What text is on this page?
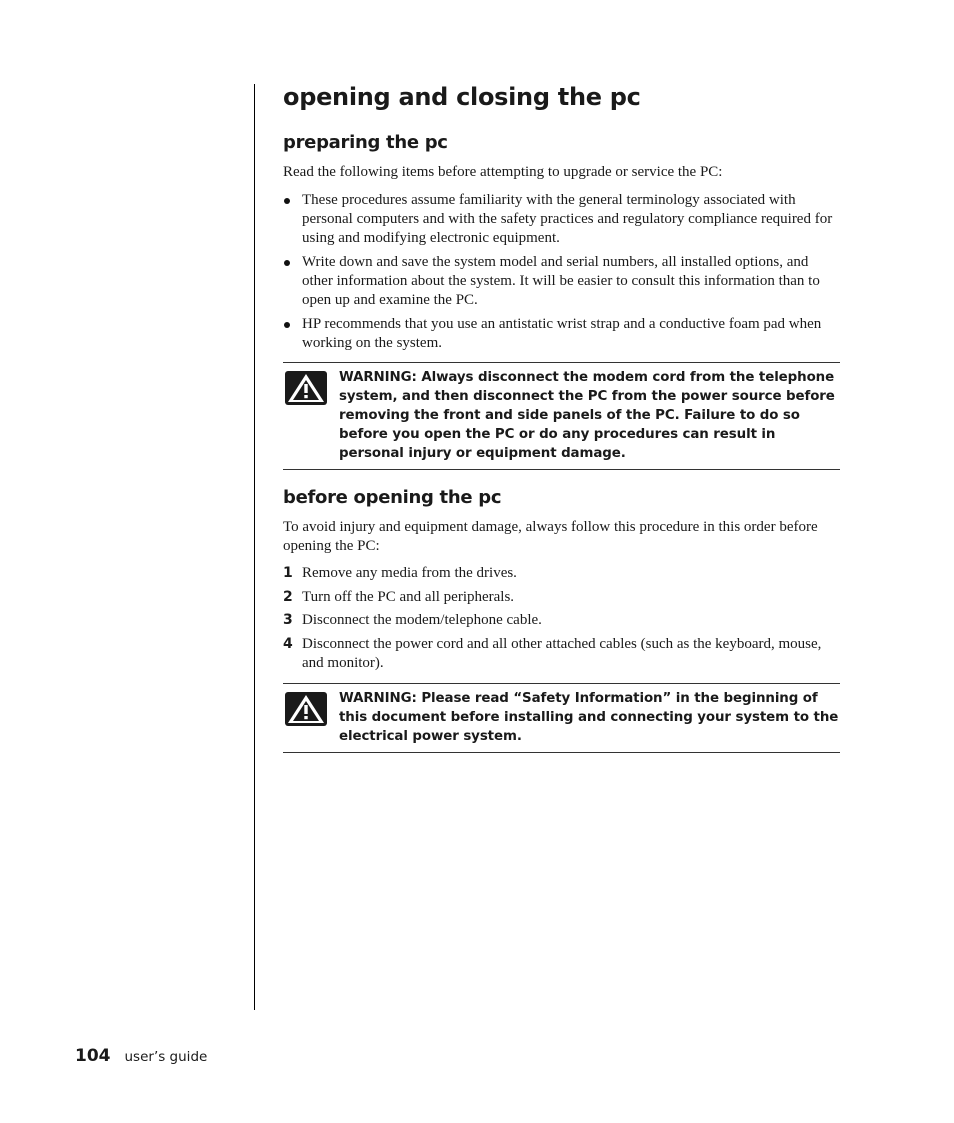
opening and closing the pc
preparing the pc

Read the following items before attempting to upgrade or service the PC:

These procedures assume familiarity with the general terminology associated with personal computers and with the safety practices and regulatory compliance required for using and modifying electronic equipment.
Write down and save the system model and serial numbers, all installed options, and other information about the system. It will be easier to consult this information than to open up and examine the PC.
HP recommends that you use an antistatic wrist strap and a conductive foam pad when working on the system.
WARNING: Always disconnect the modem cord from the telephone system, and then disconnect the PC from the power source before removing the front and side panels of the PC. Failure to do so before you open the PC or do any procedures can result in personal injury or equipment damage.
before opening the pc

To avoid injury and equipment damage, always follow this procedure in this order before opening the PC:

1 Remove any media from the drives.
2 Turn off the PC and all peripherals.
3 Disconnect the modem/telephone cable.
4 Disconnect the power cord and all other attached cables (such as the keyboard, mouse, and monitor).
WARNING: Please read “Safety Information” in the beginning of this document before installing and connecting your system to the electrical power system.
104 user’s guide
